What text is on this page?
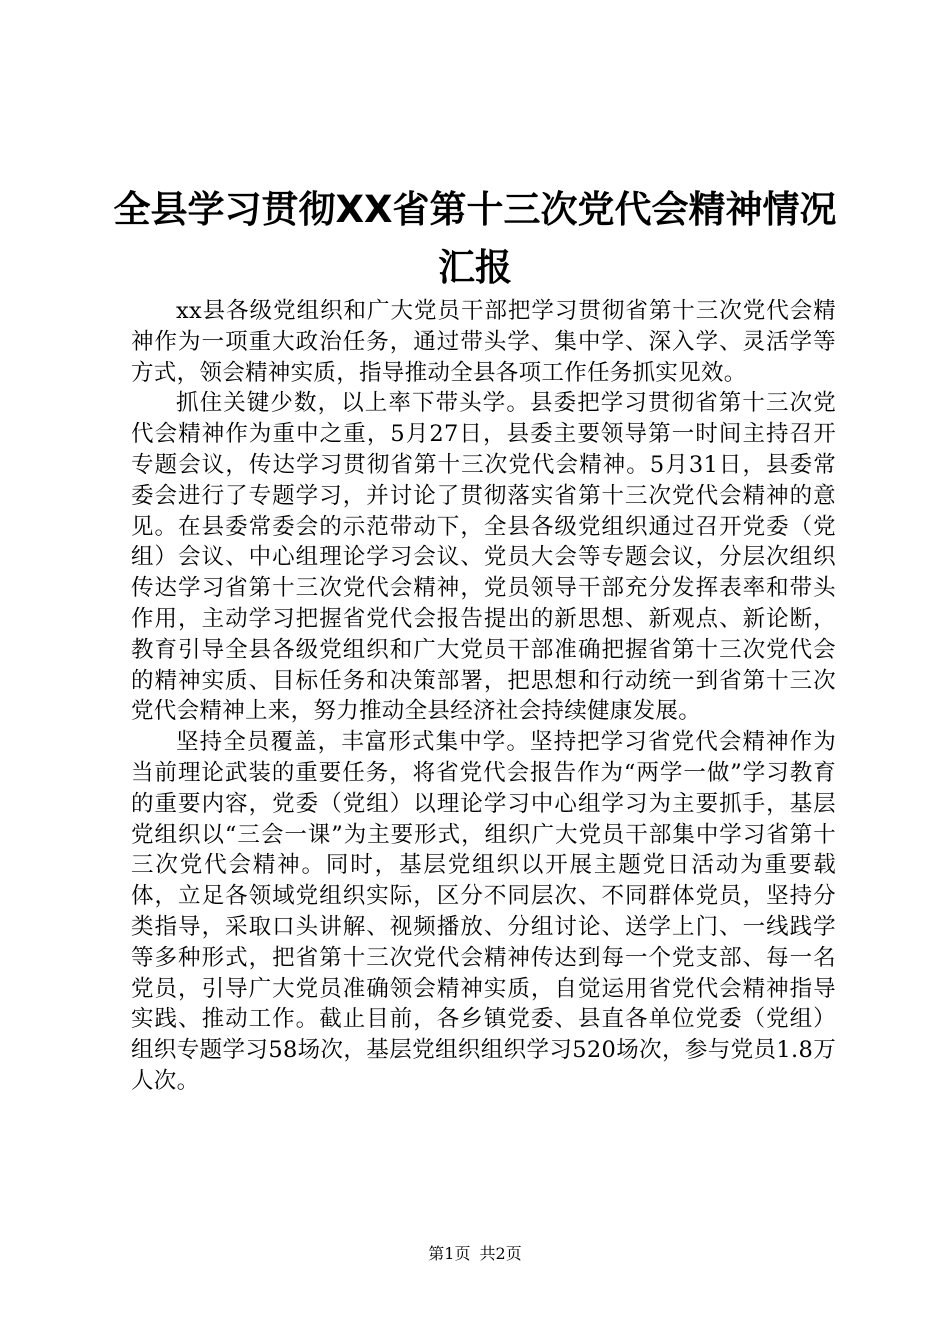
全县学习贯彻XX省第十三次党代会精神情况
汇报

xx县各级党组织和广大党员干部把学习贯彻省第十三次党代会精神作为一项重大政治任务，通过带头学、集中学、深入学、灵活学等方式，领会精神实质，指导推动全县各项工作任务抓实见效。

抓住关键少数，以上率下带头学。县委把学习贯彻省第十三次党代会精神作为重中之重，5月27日，县委主要领导第一时间主持召开专题会议，传达学习贯彻省第十三次党代会精神。5月31日，县委常委会进行了专题学习，并讨论了贯彻落实省第十三次党代会精神的意见。在县委常委会的示范带动下，全县各级党组织通过召开党委（党组）会议、中心组理论学习会议、党员大会等专题会议，分层次组织传达学习省第十三次党代会精神，党员领导干部充分发挥表率和带头作用，主动学习把握省党代会报告提出的新思想、新观点、新论断，教育引导全县各级党组织和广大党员干部准确把握省第十三次党代会的精神实质、目标任务和决策部署，把思想和行动统一到省第十三次党代会精神上来，努力推动全县经济社会持续健康发展。

坚持全员覆盖，丰富形式集中学。坚持把学习省党代会精神作为当前理论武装的重要任务，将省党代会报告作为“两学一做”学习教育的重要内容，党委（党组）以理论学习中心组学习为主要抓手，基层党组织以“三会一课”为主要形式，组织广大党员干部集中学习省第十三次党代会精神。同时，基层党组织以开展主题党日活动为重要载体，立足各领域党组织实际，区分不同层次、不同群体党员，坚持分类指导，采取口头讲解、视频播放、分组讨论、送学上门、一线践学等多种形式，把省第十三次党代会精神传达到每一个党支部、每一名党员，引导广大党员准确领会精神实质，自觉运用省党代会精神指导实践、推动工作。截止目前，各乡镇党委、县直各单位党委（党组）组织专题学习58场次，基层党组织组织学习520场次，参与党员1.8万人次。

第1页 共2页
